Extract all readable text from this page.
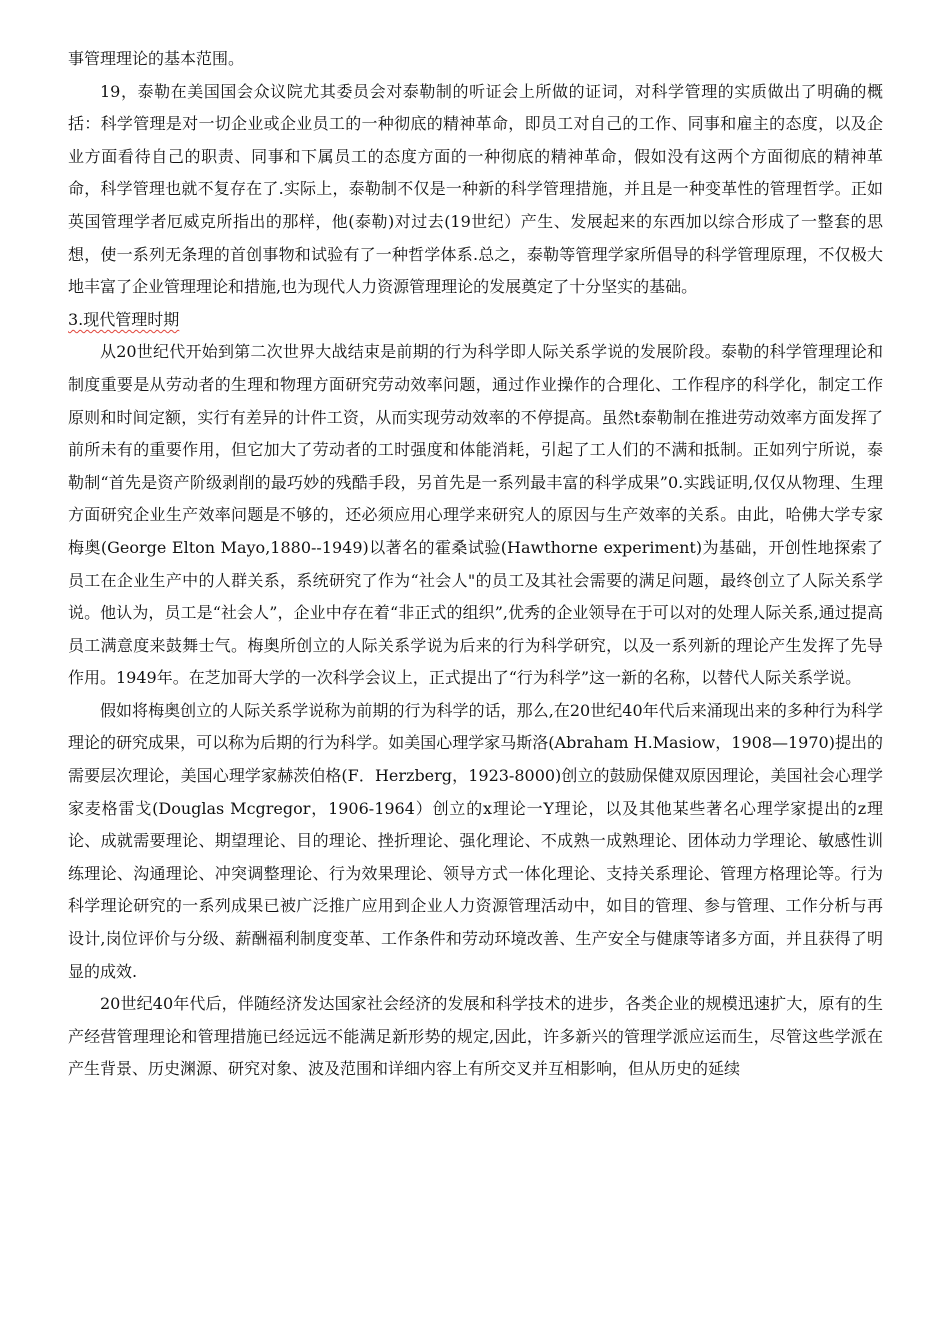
事管理理论的基本范围。

19，泰勒在美国国会众议院尤其委员会对泰勒制的听证会上所做的证词，对科学管理的实质做出了明确的概括：科学管理是对一切企业或企业员工的一种彻底的精神革命，即员工对自己的工作、同事和雇主的态度，以及企业方面看待自己的职责、同事和下属员工的态度方面的一种彻底的精神革命，假如没有这两个方面彻底的精神革命，科学管理也就不复存在了.实际上，泰勒制不仅是一种新的科学管理措施，并且是一种变革性的管理哲学。正如英国管理学者厄威克所指出的那样，他(泰勒)对过去(19世纪）产生、发展起来的东西加以综合形成了一整套的思想，使一系列无条理的首创事物和试验有了一种哲学体系.总之，泰勒等管理学家所倡导的科学管理原理，不仅极大地丰富了企业管理理论和措施,也为现代人力资源管理理论的发展奠定了十分坚实的基础。

3.现代管理时期

从20世纪代开始到第二次世界大战结束是前期的行为科学即人际关系学说的发展阶段。泰勒的科学管理理论和制度重要是从劳动者的生理和物理方面研究劳动效率问题，通过作业操作的合理化、工作程序的科学化，制定工作原则和时间定额，实行有差异的计件工资，从而实现劳动效率的不停提高。虽然t泰勒制在推进劳动效率方面发挥了前所未有的重要作用，但它加大了劳动者的工时强度和体能消耗，引起了工人们的不满和抵制。正如列宁所说，泰勒制“首先是资产阶级剥削的最巧妙的残酷手段，另首先是一系列最丰富的科学成果”0.实践证明,仅仅从物理、生理方面研究企业生产效率问题是不够的，还必须应用心理学来研究人的原因与生产效率的关系。由此，哈佛大学专家梅奥(George Elton Mayo,1880--1949)以著名的霍桑试验(Hawthorne experiment)为基础，开创性地探索了员工在企业生产中的人群关系，系统研究了作为“社会人"的员工及其社会需要的满足问题，最终创立了人际关系学说。他认为，员工是“社会人”，企业中存在着“非正式的组织”,优秀的企业领导在于可以对的处理人际关系,通过提高员工满意度来鼓舞士气。梅奥所创立的人际关系学说为后来的行为科学研究，以及一系列新的理论产生发挥了先导作用。1949年。在芝加哥大学的一次科学会议上，正式提出了“行为科学”这一新的名称，以替代人际关系学说。

假如将梅奥创立的人际关系学说称为前期的行为科学的话，那么,在20世纪40年代后来涌现出来的多种行为科学理论的研究成果，可以称为后期的行为科学。如美国心理学家马斯洛(Abraham H.Masiow，1908—1970)提出的需要层次理论，美国心理学家赫茨伯格(F．Herzberg，1923-8000)创立的鼓励保健双原因理论，美国社会心理学家麦格雷戈(Douglas Mcgregor，1906-1964）创立的x理论一Y理论，以及其他某些著名心理学家提出的z理论、成就需要理论、期望理论、目的理论、挫折理论、强化理论、不成熟一成熟理论、团体动力学理论、敏感性训练理论、沟通理论、冲突调整理论、行为效果理论、领导方式一体化理论、支持关系理论、管理方格理论等。行为科学理论研究的一系列成果已被广泛推广应用到企业人力资源管理活动中，如目的管理、参与管理、工作分析与再设计,岗位评价与分级、薪酬福利制度变革、工作条件和劳动环境改善、生产安全与健康等诸多方面，并且获得了明显的成效.

20世纪40年代后，伴随经济发达国家社会经济的发展和科学技术的进步，各类企业的规模迅速扩大，原有的生产经营管理理论和管理措施已经远远不能满足新形势的规定,因此，许多新兴的管理学派应运而生，尽管这些学派在产生背景、历史渊源、研究对象、波及范围和详细内容上有所交叉并互相影响，但从历史的延续
